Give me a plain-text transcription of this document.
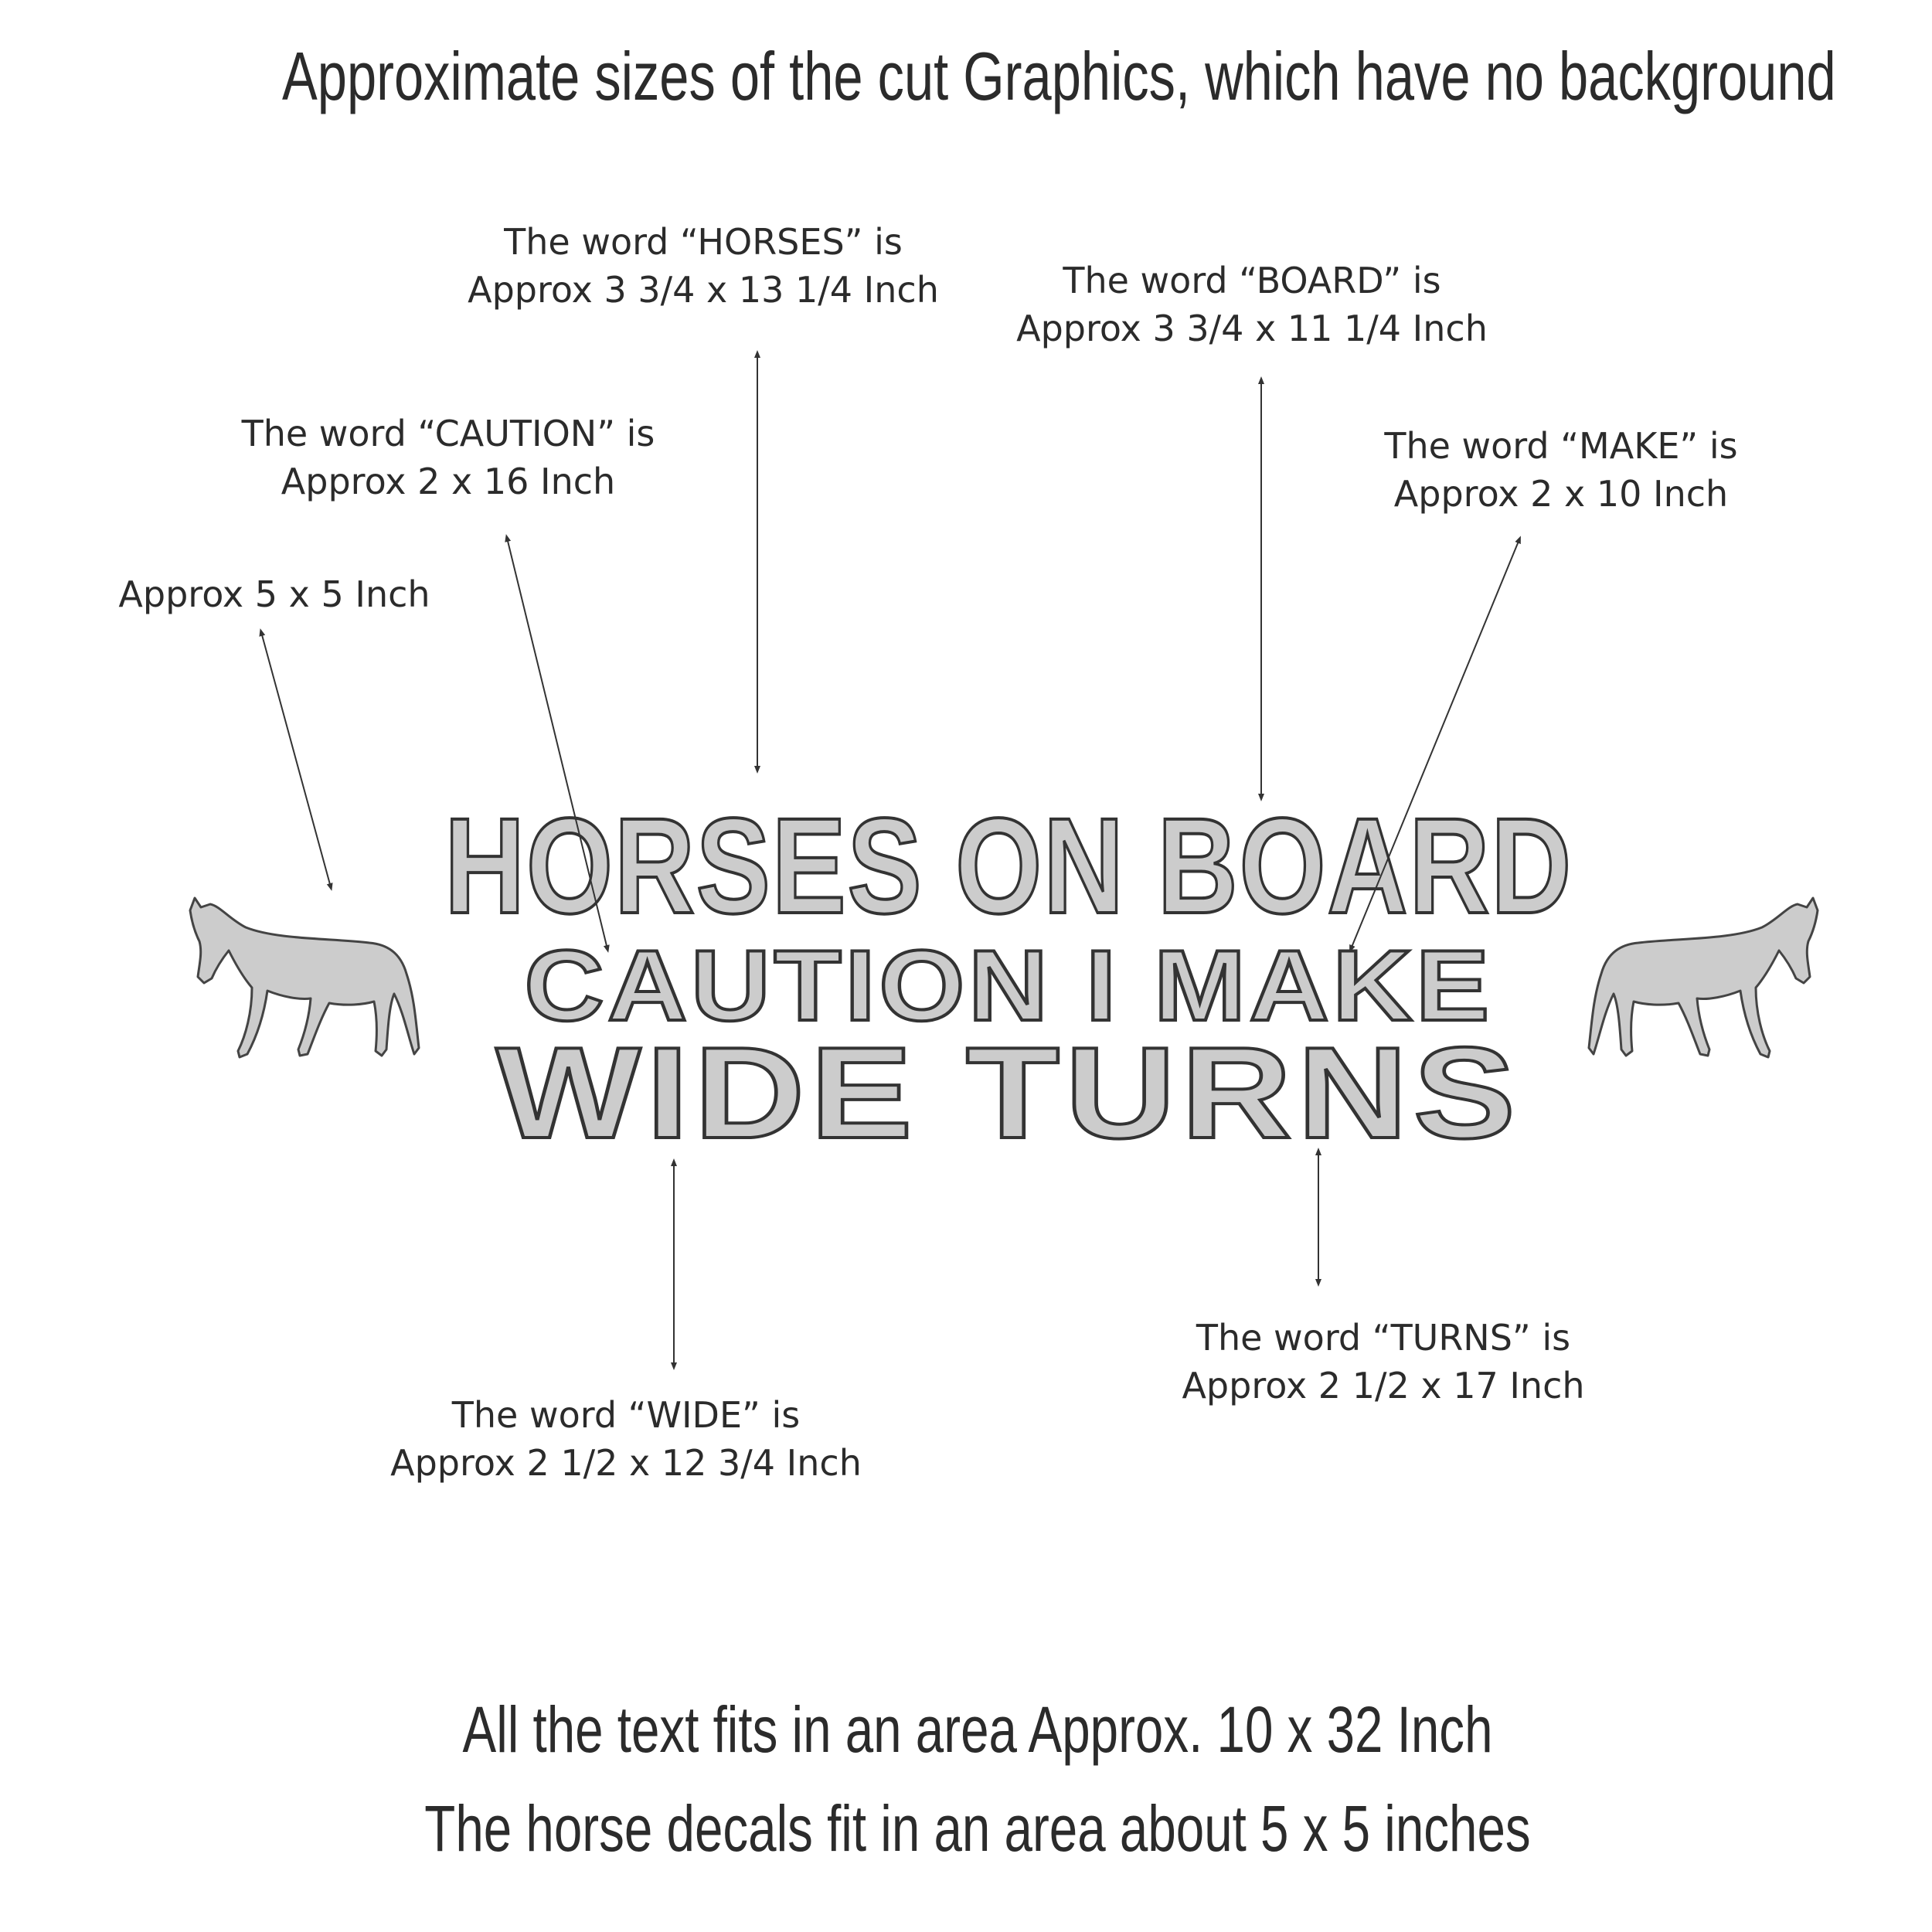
Approximate sizes of the cut Graphics, which have no background
The word “HORSES” is
Approx 3 3/4 x 13 1/4 Inch	The word “BOARD” is
Approx 3 3/4 x 11 1/4 Inch
The word “CAUTION” is
Approx 2 x 16 Inch
The word “MAKE” is
Approx 2 x 10 Inch
Approx 5 x 5 Inch
The word “WIDE” is
Approx 2 1/2 x 12 3/4 Inch
The word “TURNS” is
Approx 2 1/2 x 17 Inch
HORSES ON BOARD
CAUTION I MAKE
WIDE TURNS
All the text fits in an area Approx. 10 x 32 Inch
The horse decals fit in an area about 5 x 5 inches
